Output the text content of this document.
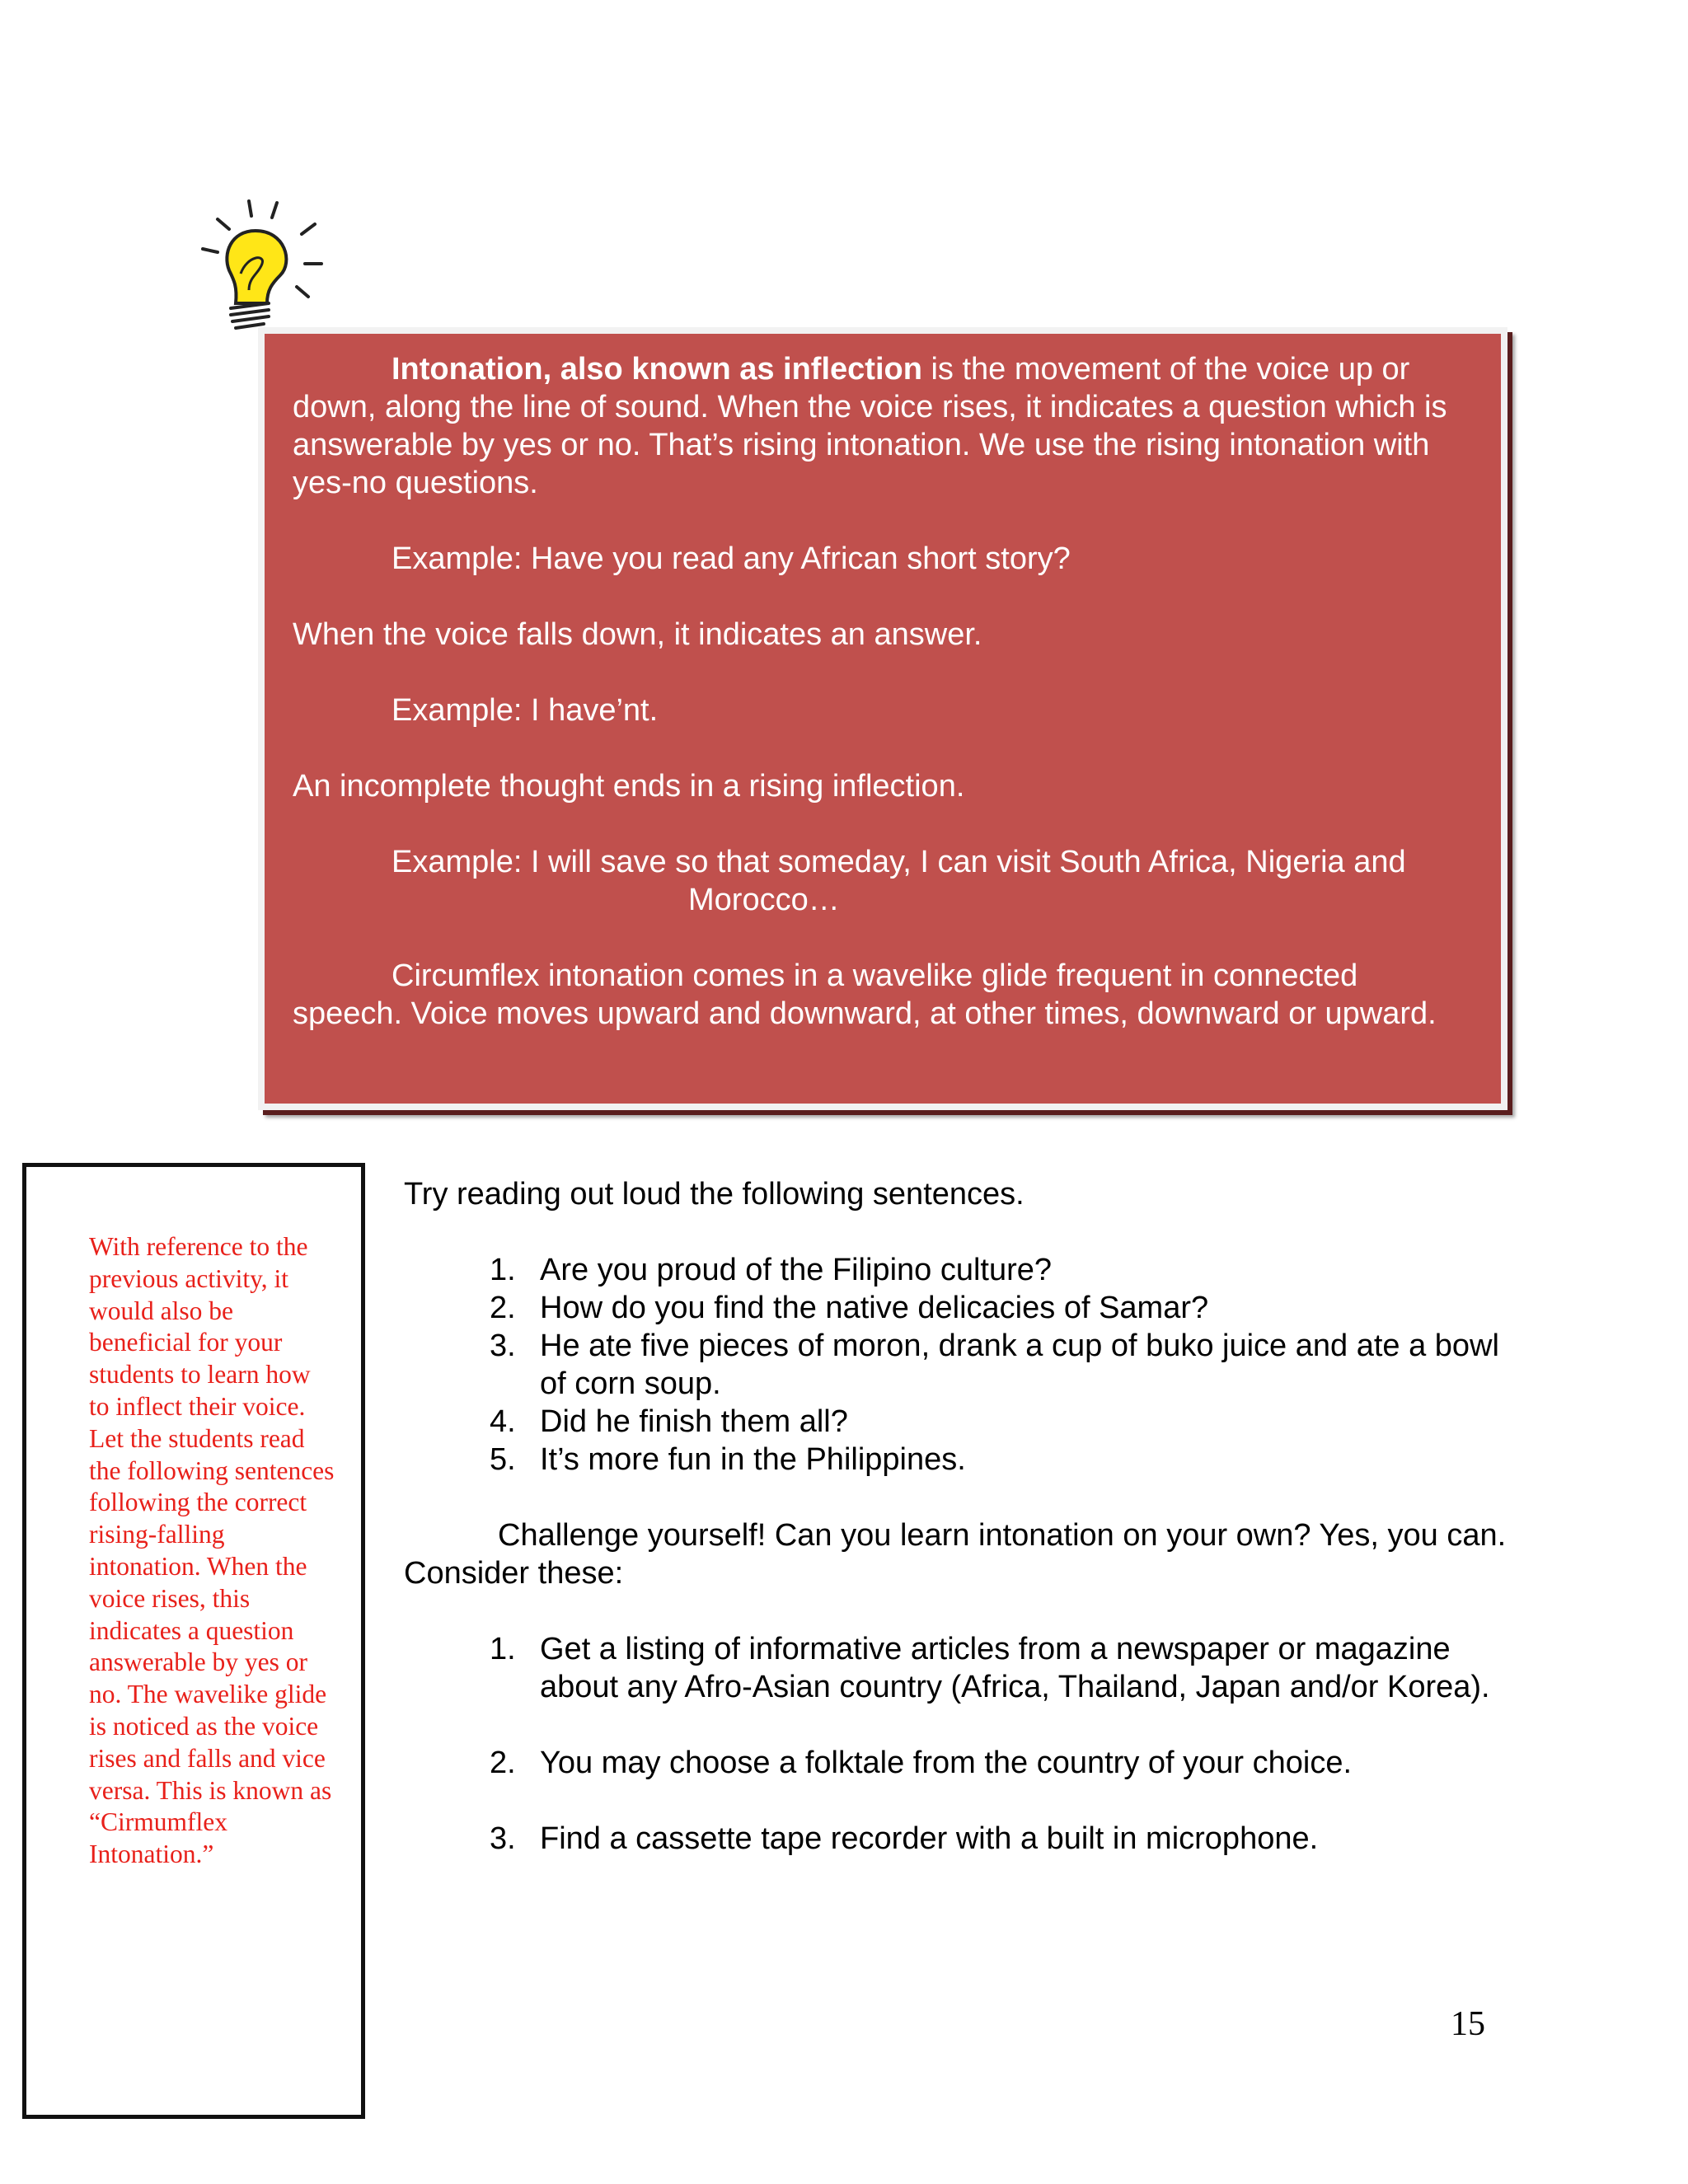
Intonation, also known as inflection is the movement of the voice up or down, along the line of sound. When the voice rises, it indicates a question which is answerable by yes or no. That’s rising intonation. We use the rising intonation with yes-no questions.

Example: Have you read any African short story?

When the voice falls down, it indicates an answer.

Example: I have’nt.

An incomplete thought ends in a rising inflection.

Example: I will save so that someday, I can visit South Africa, Nigeria and
Morocco…

Circumflex intonation comes in a wavelike glide frequent in connected speech. Voice moves upward and downward, at other times, downward or upward.

With reference to the previous activity, it would also be beneficial for your students to learn how to inflect their voice. Let the students read the following sentences following the correct rising-falling intonation. When the voice rises, this indicates a question answerable by yes or no. The wavelike glide is noticed as the voice rises and falls and vice versa. This is known as “Cirmumflex Intonation.”

Try reading out loud the following sentences.

1. Are you proud of the Filipino culture?
2. How do you find the native delicacies of Samar?
3. He ate five pieces of moron, drank a cup of buko juice and ate a bowl of corn soup.
4. Did he finish them all?
5. It’s more fun in the Philippines.

Challenge yourself! Can you learn intonation on your own? Yes, you can. Consider these:

1. Get a listing of informative articles from a newspaper or magazine about any Afro-Asian country (Africa, Thailand, Japan and/or Korea).
2. You may choose a folktale from the country of your choice.
3. Find a cassette tape recorder with a built in microphone.
15
